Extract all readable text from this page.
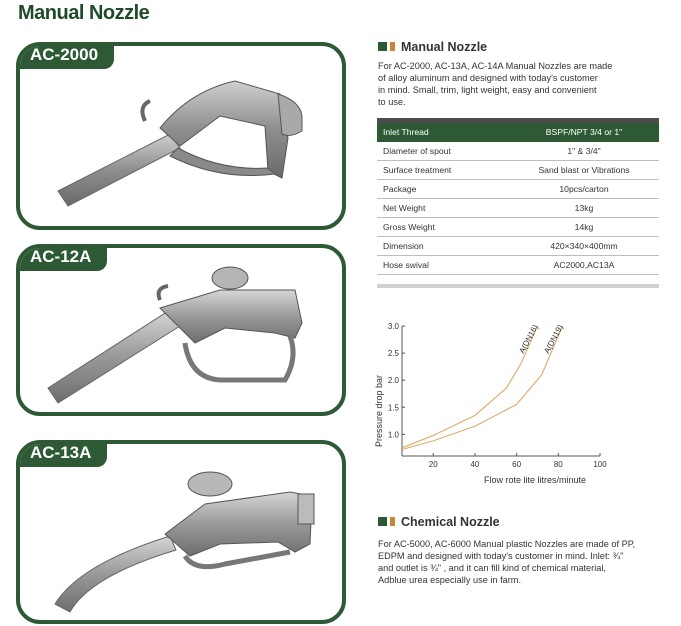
Manual Nozzle
AC-2000
AC-12A
AC-13A
Manual Nozzle
For AC-2000, AC-13A, AC-14A Manual Nozzles are made
of alloy aluminum and designed with today's customer
in mind. Small, trim, light weight, easy and convenient
to use.
Inlet Thread	BSPF/NPT 3/4 or 1"
Diameter of spout	1" & 3/4"
Surface treatment	Sand blast or Vibrations
Package	10pcs/carton
Net Weight	13kg
Gross Weight	14kg
Dimension	420×340×400mm
Hose swival	AC2000,AC13A
20	40	60	80	100
1.0
1.5
2.0
2.5
3.0	A(DN16) A(DN19)
Pressure drop bar
Flow rote lite litres/minute
Chemical Nozzle
For AC-5000, AC-6000 Manual plastic Nozzles are made of PP,
EDPM and designed with today's customer in mind. Inlet: ¾"
and outlet is ¾" , and it can fill kind of chemical material,
Adblue urea especially use in farm.
